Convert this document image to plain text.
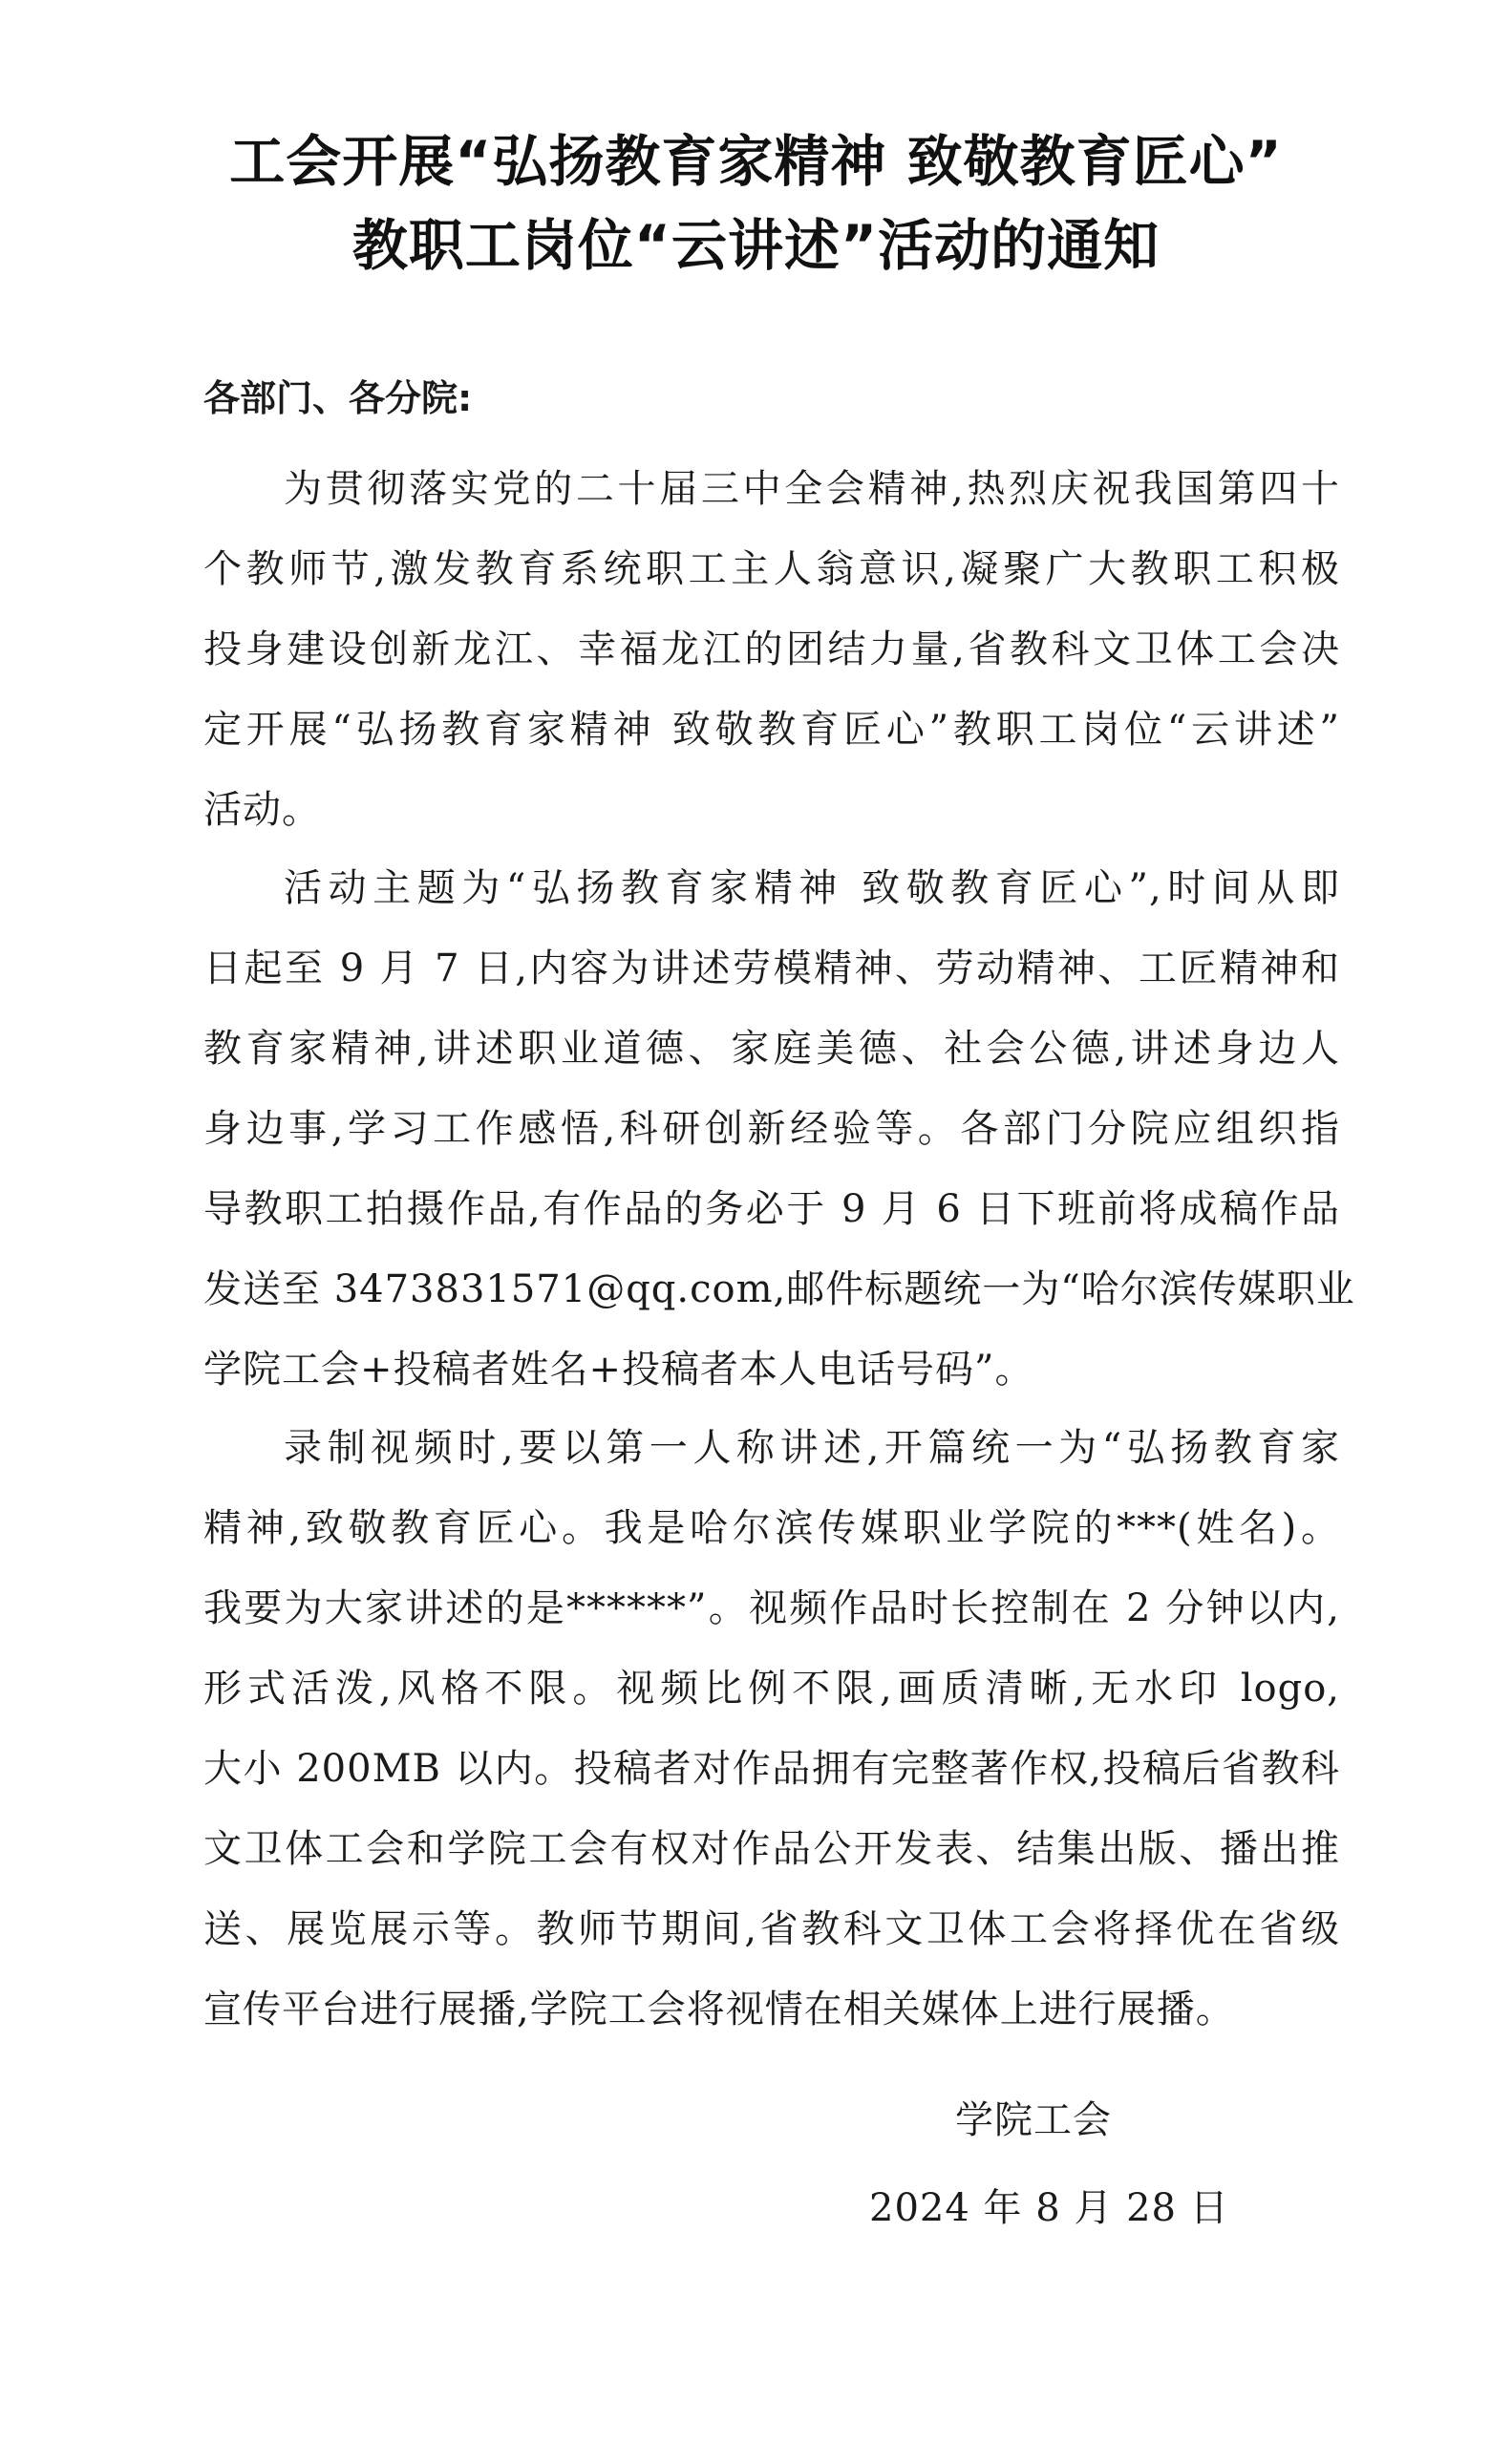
工会开展“弘扬教育家精神 致敬教育匠心”
教职工岗位“云讲述”活动的通知
各部门、各分院:
为贯彻落实党的二十届三中全会精神,热烈庆祝我国第四十
个教师节,激发教育系统职工主人翁意识,凝聚广大教职工积极
投身建设创新龙江、幸福龙江的团结力量,省教科文卫体工会决
定开展“弘扬教育家精神 致敬教育匠心”教职工岗位“云讲述”
活动。
活动主题为“弘扬教育家精神 致敬教育匠心”,时间从即
日起至 9 月 7 日,内容为讲述劳模精神、劳动精神、工匠精神和
教育家精神,讲述职业道德、家庭美德、社会公德,讲述身边人
身边事,学习工作感悟,科研创新经验等。各部门分院应组织指
导教职工拍摄作品,有作品的务必于 9 月 6 日下班前将成稿作品
发送至 3473831571@qq.com,邮件标题统一为“哈尔滨传媒职业
学院工会+投稿者姓名+投稿者本人电话号码”。
录制视频时,要以第一人称讲述,开篇统一为“弘扬教育家
精神,致敬教育匠心。我是哈尔滨传媒职业学院的***(姓名)。
我要为大家讲述的是******”。视频作品时长控制在 2 分钟以内,
形式活泼,风格不限。视频比例不限,画质清晰,无水印 logo,
大小 200MB 以内。投稿者对作品拥有完整著作权,投稿后省教科
文卫体工会和学院工会有权对作品公开发表、结集出版、播出推
送、展览展示等。教师节期间,省教科文卫体工会将择优在省级
宣传平台进行展播,学院工会将视情在相关媒体上进行展播。
学院工会
2024 年 8 月 28 日
